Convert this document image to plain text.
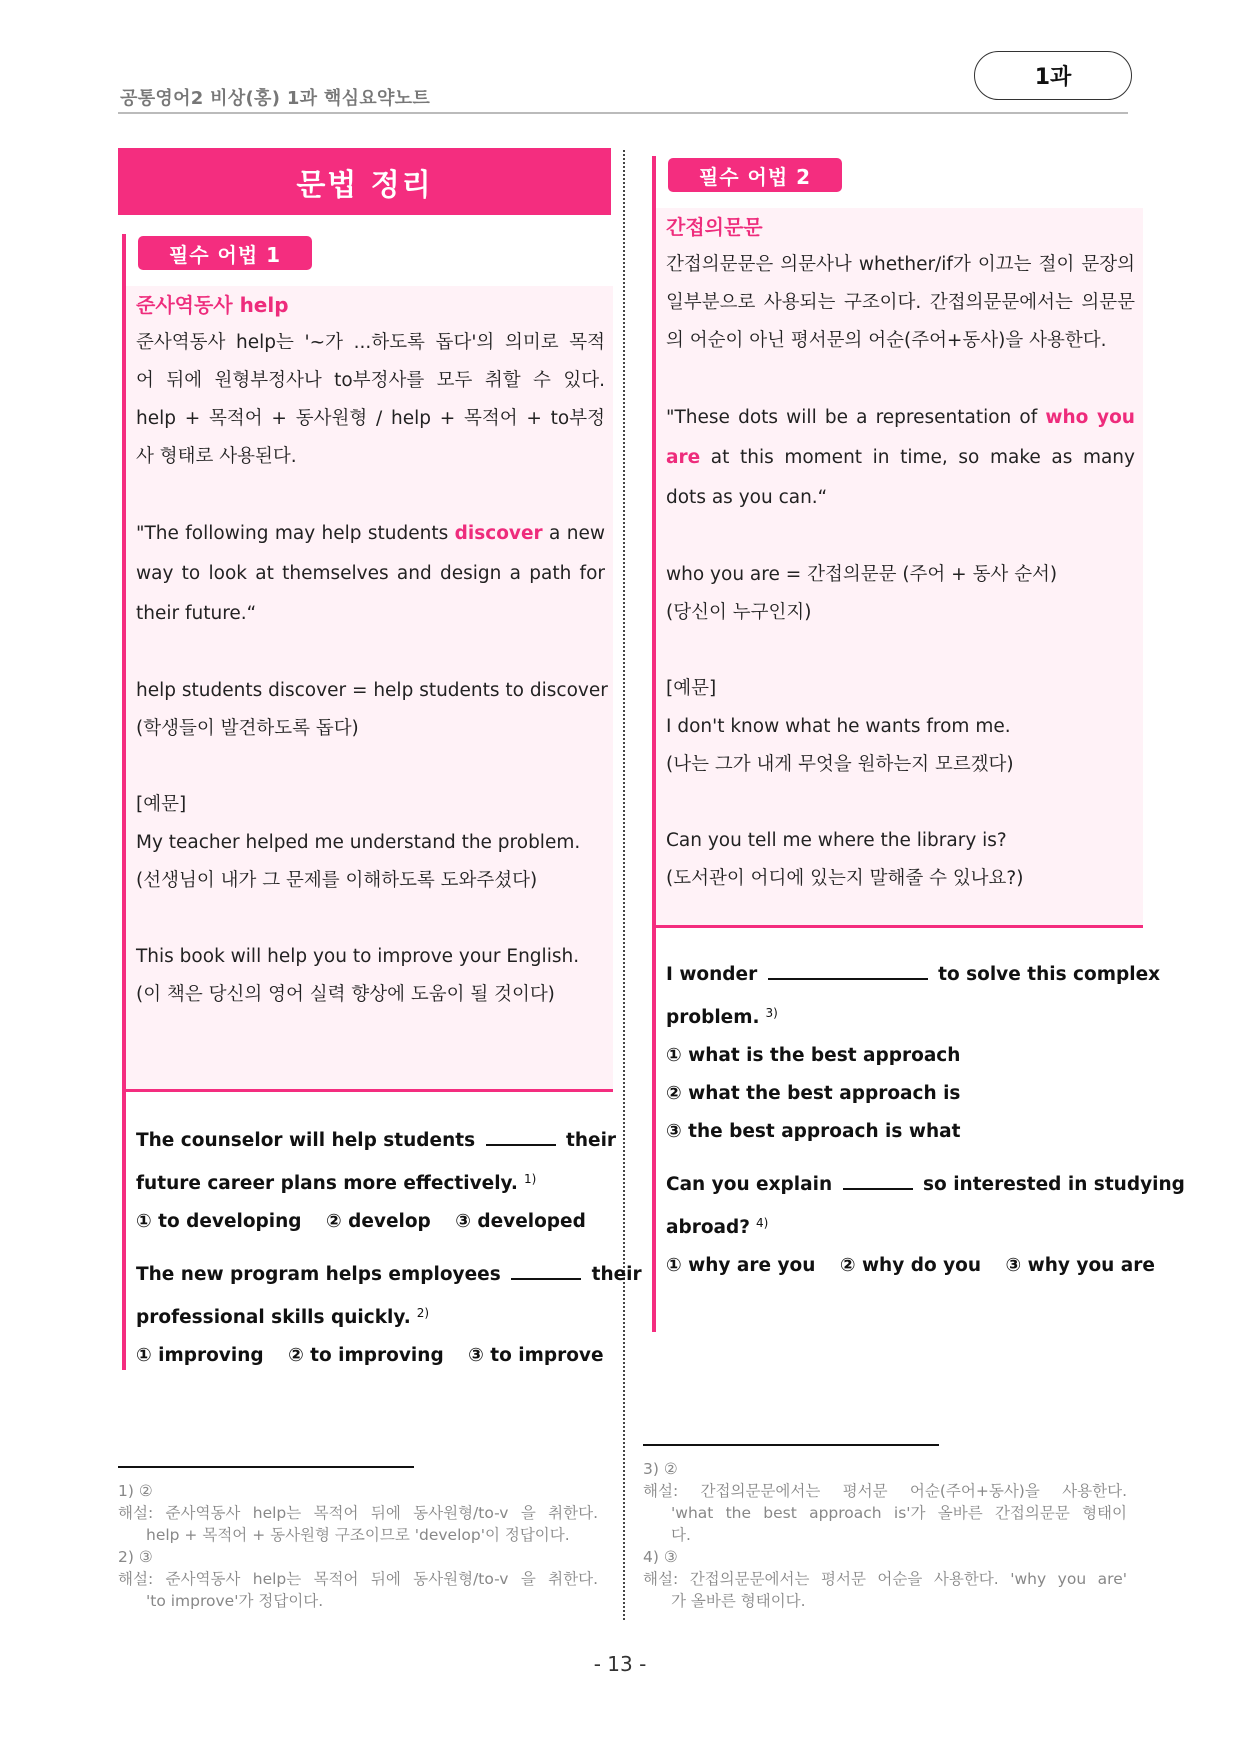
공통영어2 비상(홍) 1과 핵심요약노트
1과
문법 정리
필수 어법 1
준사역동사 help
준사역동사 help는 '~가 ...하도록 돕다'의 의미로 목적
어 뒤에 원형부정사나 to부정사를 모두 취할 수 있다.
help + 목적어 + 동사원형 / help + 목적어 + to부정
사 형태로 사용된다.
"The following may help students discover a new
way to look at themselves and design a path for
their future.“
help students discover = help students to discover
(학생들이 발견하도록 돕다)
[예문]
My teacher helped me understand the problem.
(선생님이 내가 그 문제를 이해하도록 도와주셨다)
This book will help you to improve your English.
(이 책은 당신의 영어 실력 향상에 도움이 될 것이다)
The counselor will help students	their
future career plans more effectively. $^{1)}$
① to developing ② develop ③ developed
The new program helps employees	their
professional skills quickly. $^{2)}$
① improving ② to improving ③ to improve
필수 어법 2
간접의문문
간접의문문은 의문사나 whether/if가 이끄는 절이 문장의
일부분으로 사용되는 구조이다. 간접의문문에서는 의문문
의 어순이 아닌 평서문의 어순(주어+동사)을 사용한다.
"These dots will be a representation of who you
are at this moment in time, so make as many
dots as you can.“
who you are = 간접의문문 (주어 + 동사 순서)
(당신이 누구인지)
[예문]
I don't know what he wants from me.
(나는 그가 내게 무엇을 원하는지 모르겠다)
Can you tell me where the library is?
(도서관이 어디에 있는지 말해줄 수 있나요?)
I wonder	to solve this complex
problem. $^{3)}$
① what is the best approach
② what the best approach is
③ the best approach is what
Can you explain	so interested in studying
abroad? $^{4)}$
① why are you ② why do you ③ why you are
1) ②
해설: 준사역동사 help는 목적어 뒤에 동사원형/to-v 을 취한다.
help + 목적어 + 동사원형 구조이므로 'develop'이 정답이다.
2) ③
해설: 준사역동사 help는 목적어 뒤에 동사원형/to-v 을 취한다.
'to improve'가 정답이다.
3) ②
해설: 간접의문문에서는 평서문 어순(주어+동사)을 사용한다.
'what the best approach is'가 올바른 간접의문문 형태이
다.
4) ③
해설: 간접의문문에서는 평서문 어순을 사용한다. 'why you are'
가 올바른 형태이다.
- 13 -
